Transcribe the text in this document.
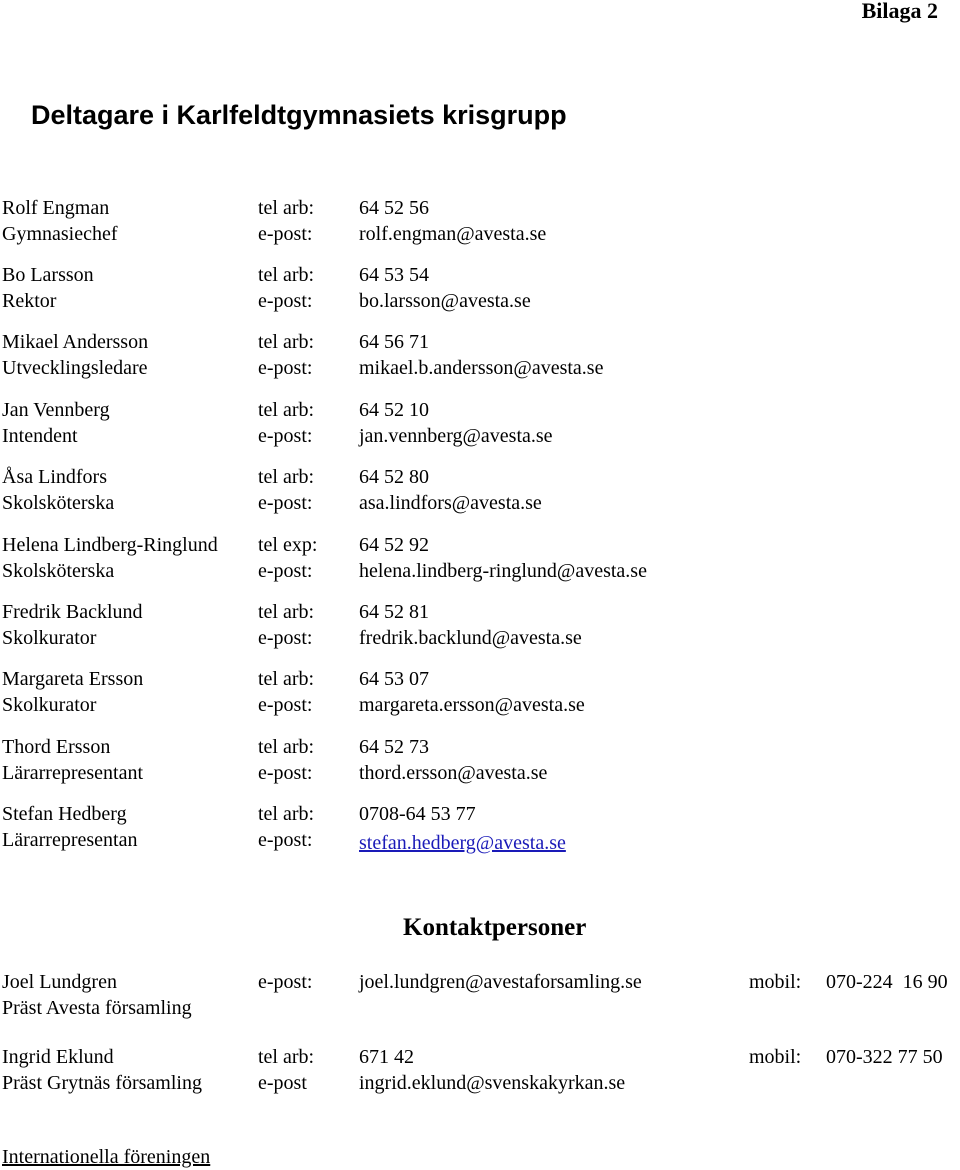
Bilaga 2
Deltagare i Karlfeldtgymnasiets krisgrupp
Rolf Engman	tel arb: 64 52 56
Gymnasiechef	e-post: rolf.engman@avesta.se
Bo Larsson	tel arb: 64 53 54
Rektor	e-post: bo.larsson@avesta.se
Mikael Andersson	tel arb: 64 56 71
Utvecklingsledare	e-post: mikael.b.andersson@avesta.se
Jan Vennberg	tel arb: 64 52 10
Intendent	e-post: jan.vennberg@avesta.se
Åsa Lindfors	tel arb: 64 52 80
Skolsköterska	e-post: asa.lindfors@avesta.se
Helena Lindberg-Ringlund tel exp: 64 52 92
Skolsköterska	e-post: helena.lindberg-ringlund@avesta.se
Fredrik Backlund	tel arb: 64 52 81
Skolkurator	e-post: fredrik.backlund@avesta.se
Margareta Ersson	tel arb: 64 53 07
Skolkurator	e-post: margareta.ersson@avesta.se
Thord Ersson	tel arb: 64 52 73
Lärarrepresentant	e-post: thord.ersson@avesta.se
Stefan Hedberg	tel arb: 0708-64 53 77
Lärarrepresentan	e-post: stefan.hedberg@avesta.se
Kontaktpersoner
Joel Lundgren	e-post: joel.lundgren@avestaforsamling.se	mobil: 070-224  16 90
Präst Avesta församling
Ingrid Eklund	tel arb: 671 42	mobil: 070-322 77 50
Präst Grytnäs församling	e-post	ingrid.eklund@svenskakyrkan.se
Internationella föreningen
